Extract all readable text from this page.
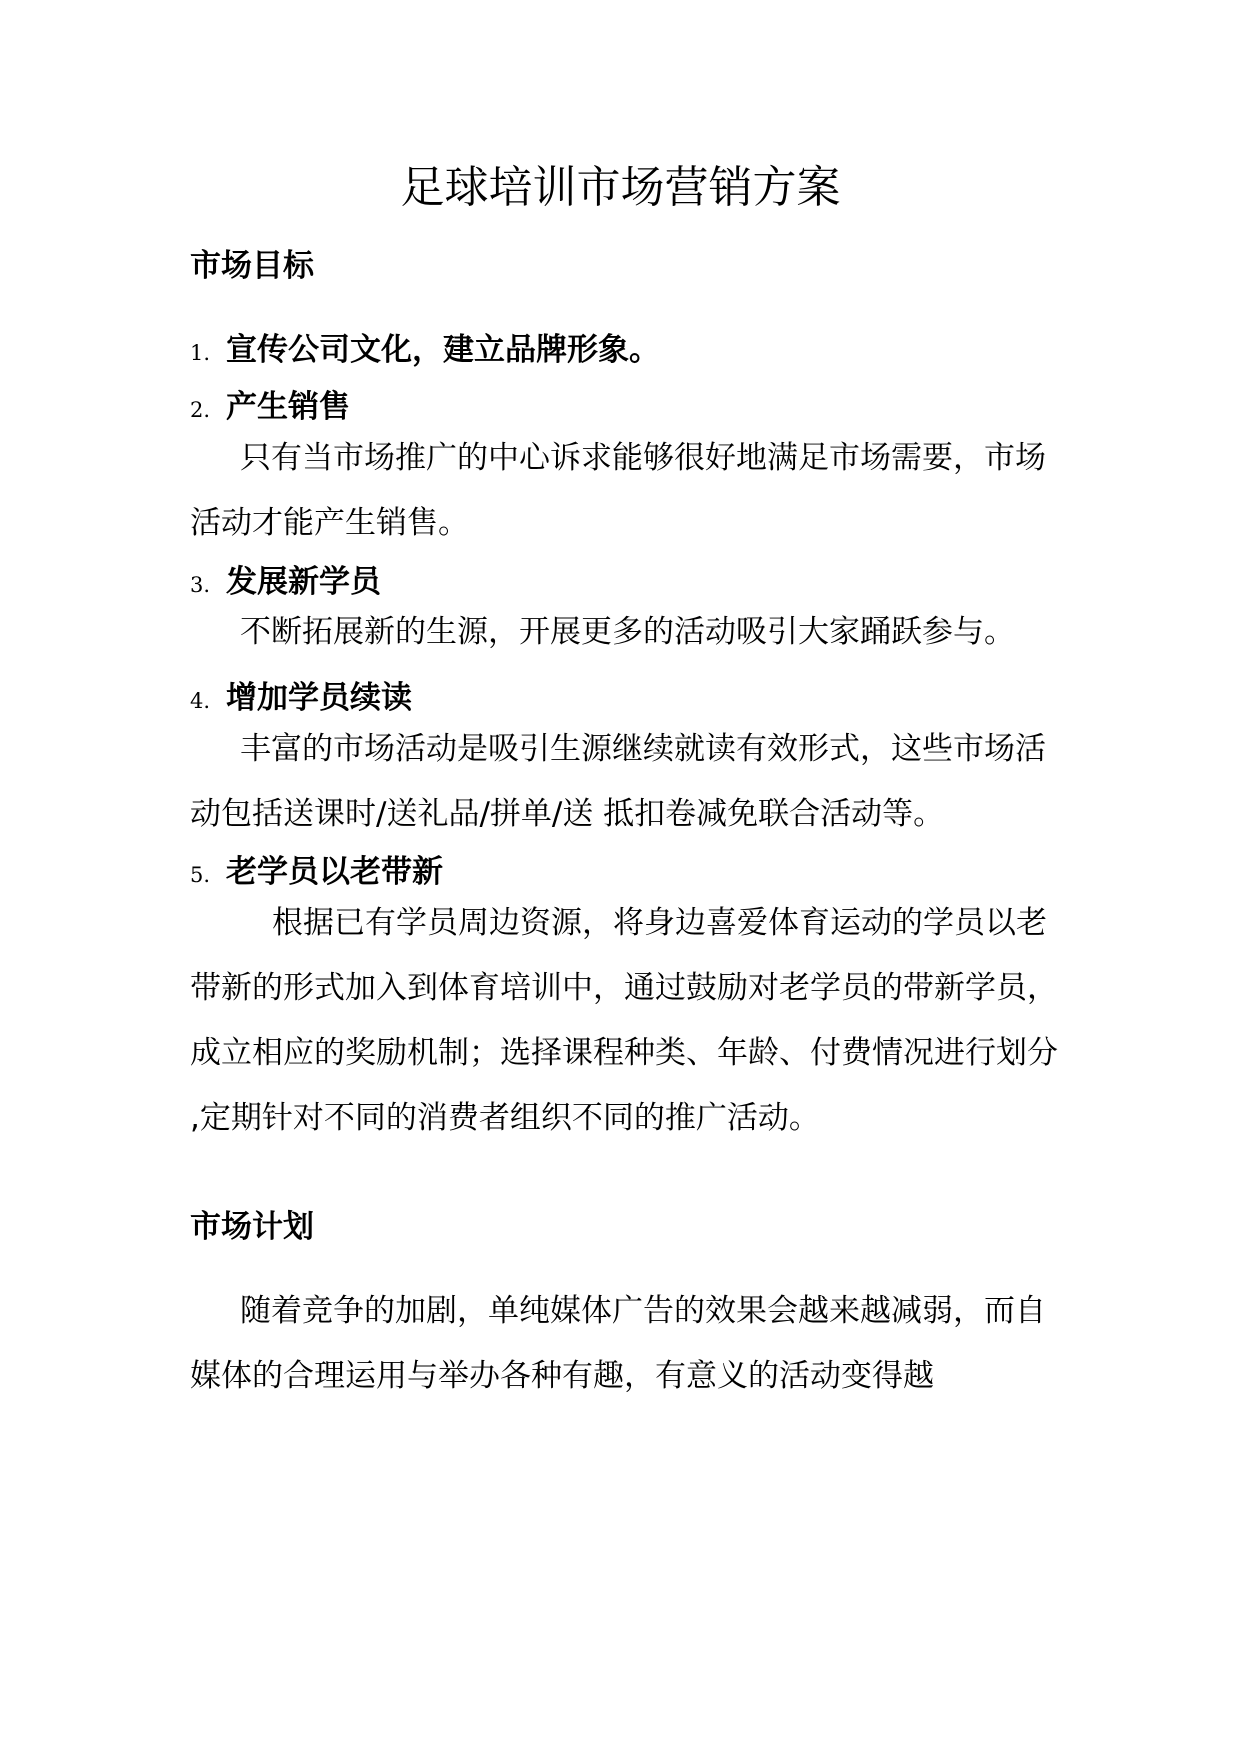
足球培训市场营销方案
市场目标
1. 宣传公司文化，建立品牌形象。
2. 产生销售

只有当市场推广的中心诉求能够很好地满足市场需要，市场活动才能产生销售。

3. 发展新学员

不断拓展新的生源，开展更多的活动吸引大家踊跃参与。

4. 增加学员续读

丰富的市场活动是吸引生源继续就读有效形式，这些市场活动包括送课时/送礼品/拼单/送 抵扣卷减免联合活动等。

5. 老学员以老带新

根据已有学员周边资源，将身边喜爱体育运动的学员以老带新的形式加入到体育培训中，通过鼓励对老学员的带新学员，成立相应的奖励机制；选择课程种类、年龄、付费情况进行划分 ,定期针对不同的消费者组织不同的推广活动。

市场计划

随着竞争的加剧，单纯媒体广告的效果会越来越减弱，而自媒体的合理运用与举办各种有趣，有意义的活动变得越
